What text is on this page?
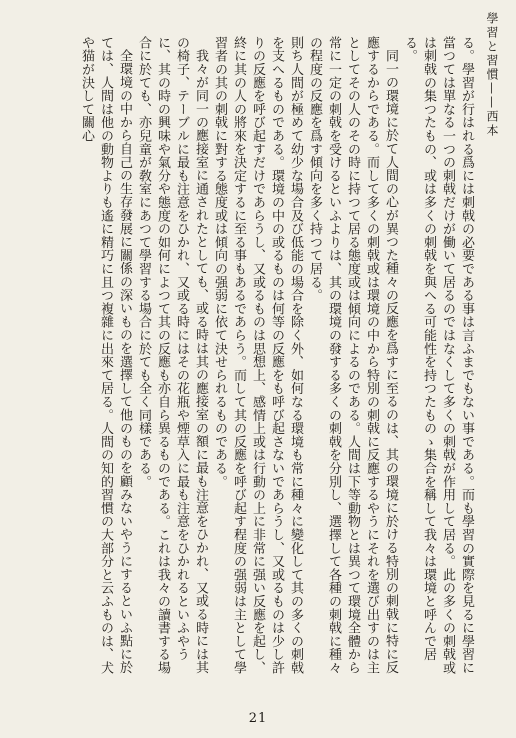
學習と習慣——西本

る。學習が行はれる爲には刺戟の必要である事は言ふまでもない事である。而も學習の實際を見るに學習に當つては單なる一つの刺戟だけが働いて居るのではなくして多くの刺戟が作用して居る。此の多くの刺戟或は刺戟の集つたもの、或は多くの刺戟を與へる可能性を持つたものゝ集合を稱して我々は環境と呼んで居る。

同一の環境に於て人間の心が異つた種々の反應を爲すに至るのは、其の環境に於ける特別の刺戟に特に反應するからである。而して多くの刺戟或は環境の中から特別の刺戟に反應するやうにそれを選び出すのは主としてその人のその時に持つて居る態度或は傾向によるのである。人間は下等動物とは異つて環境全體から常に一定の刺戟を受けるといふよりは、其の環境の發する多くの刺戟を分別し、選擇して各種の刺戟に種々の程度の反應を爲す傾向を多く持つて居る。

則ち人間が極めて幼少な場合及び低能の場合を除く外、如何なる環境も常に種々に變化して其の多くの刺戟を支へるものである。環境の中の或るものは何等の反應をも呼び起さないであらうし、又或るものは少し許りの反應を呼び起すだけであらうし、又或るものは思想上、感情上或は行動の上に非常に强い反應を起し、終に其の人の將來を決定するに至る事もあるであらう。而して其の反應を呼び起す程度の强弱は主として學習者の其の刺戟に對する態度或は傾向の强弱に依て決せられるものである。

我々が同一の應接室に通されたとしても、或る時は其の應接室の額に最も注意をひかれ、又或る時には其の椅子、テーブルに最も注意をひかれ、又或る時にはその花瓶や煙草入に最も注意をひかれるといふやうに、其の時の興味や氣分や態度の如何によつて其の反應も亦自ら異るものである。これは我々の讀書する場合に於ても、亦兒童が敎室にあつて學習する場合に於ても全く同樣である。

全環境の中から自己の生存發展に關係の深いものを選擇して他のものを顧みないやうにするといふ點に於ては、人間は他の動物よりも遙に精巧に且つ複雜に出來て居る。人間の知的習慣の大部分と云ふものは、犬や猫が決して關心

21
